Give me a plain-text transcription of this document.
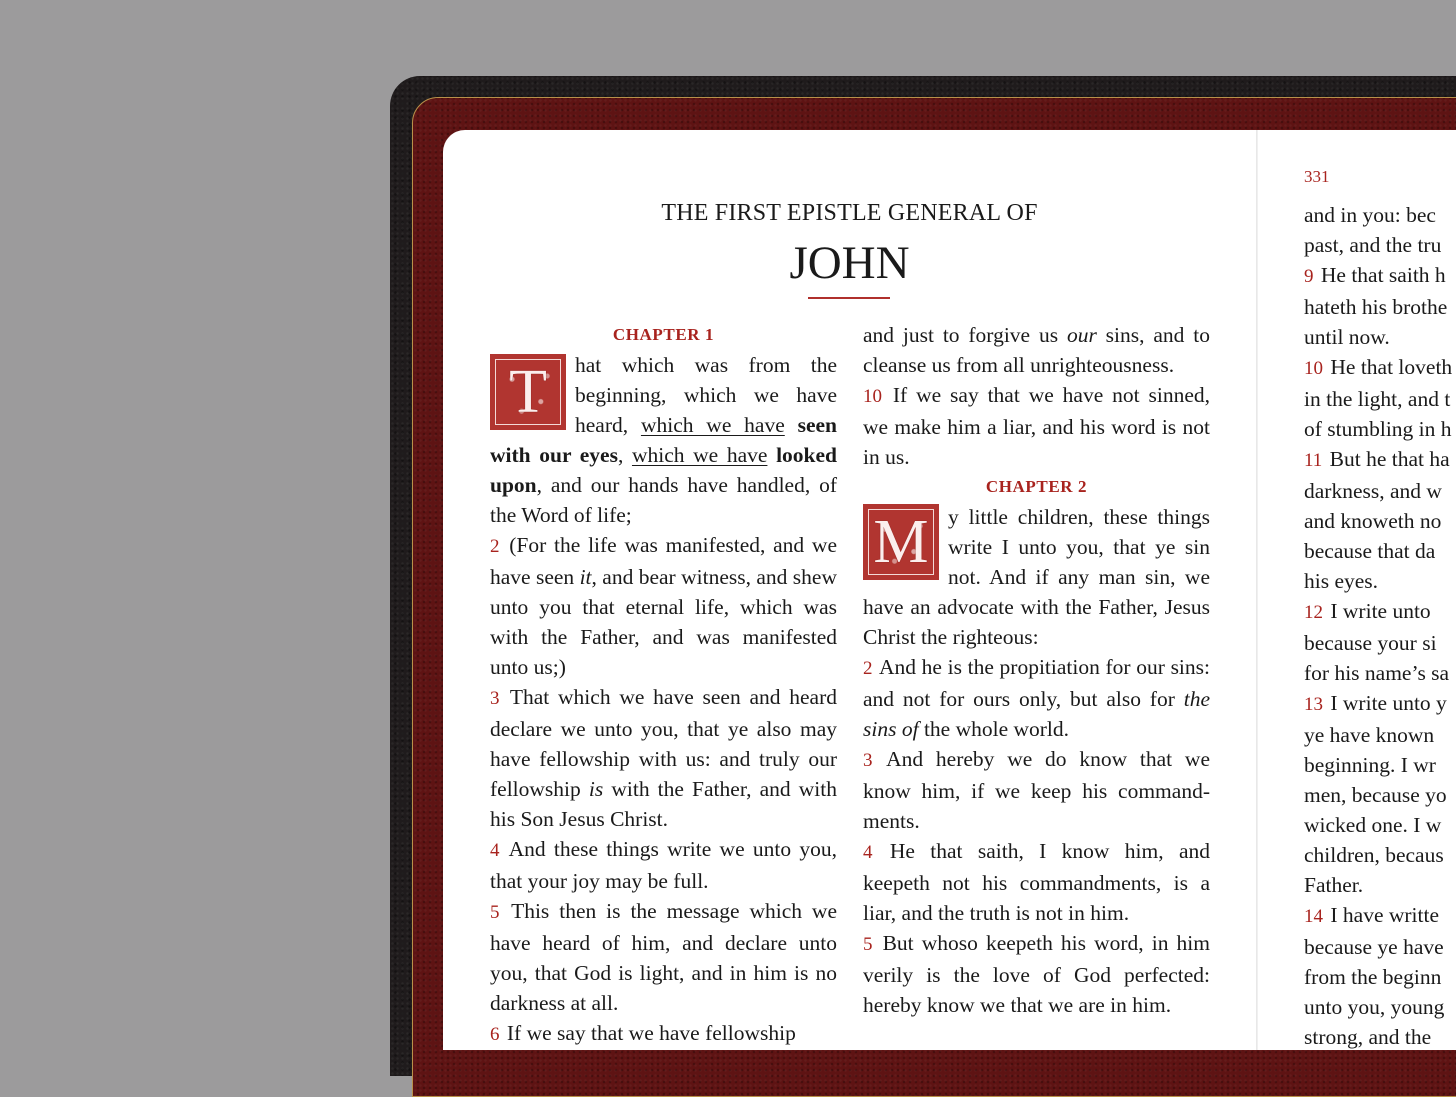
THE FIRST EPISTLE GENERAL OF
JOHN
331
CHAPTER 1
T	hat which was from the beginning, which we have heard, which we have seen with our eyes, which we have looked upon, and our hands have handled, of the Word of life;
2 (For the life was manifested, and we have seen it, and bear witness, and shew unto you that eternal life, which was with the Father, and was manifested unto us;)
3 That which we have seen and heard declare we unto you, that ye also may have fellowship with us: and truly our fellowship is with the Father, and with his Son Jesus Christ.
4 And these things write we unto you, that your joy may be full.
5 This then is the message which we have heard of him, and declare unto you, that God is light, and in him is no darkness at all.
6 If we say that we have fellowship
and just to forgive us our sins, and to cleanse us from all unrighteousness.
10 If we say that we have not sinned, we make him a liar, and his word is not in us.
CHAPTER 2
M y little children, these things write I unto you, that ye sin not. And if any man sin, we have an advocate with the Father, Jesus Christ the righteous:
2 And he is the propitiation for our sins: and not for ours only, but also for the sins of the whole world.
3 And hereby we do know that we know him, if we keep his commandments.
4 He that saith, I know him, and keepeth not his commandments, is a liar, and the truth is not in him.
5 But whoso keepeth his word, in him verily is the love of God perfected: hereby know we that we are in him.
and in you: bec
past, and the tru
9 He that saith h
hateth his brothe
until now.
10 He that loveth
in the light, and t
of stumbling in h
11 But he that ha
darkness, and w
and knoweth no
because that da
his eyes.
12 I write unto
because your si
for his name’s sa
13 I write unto y
ye have known
beginning. I wr
men, because yo
wicked one. I w
children, becaus
Father.
14 I have writte
because ye have
from the beginn
unto you, young
strong, and the
